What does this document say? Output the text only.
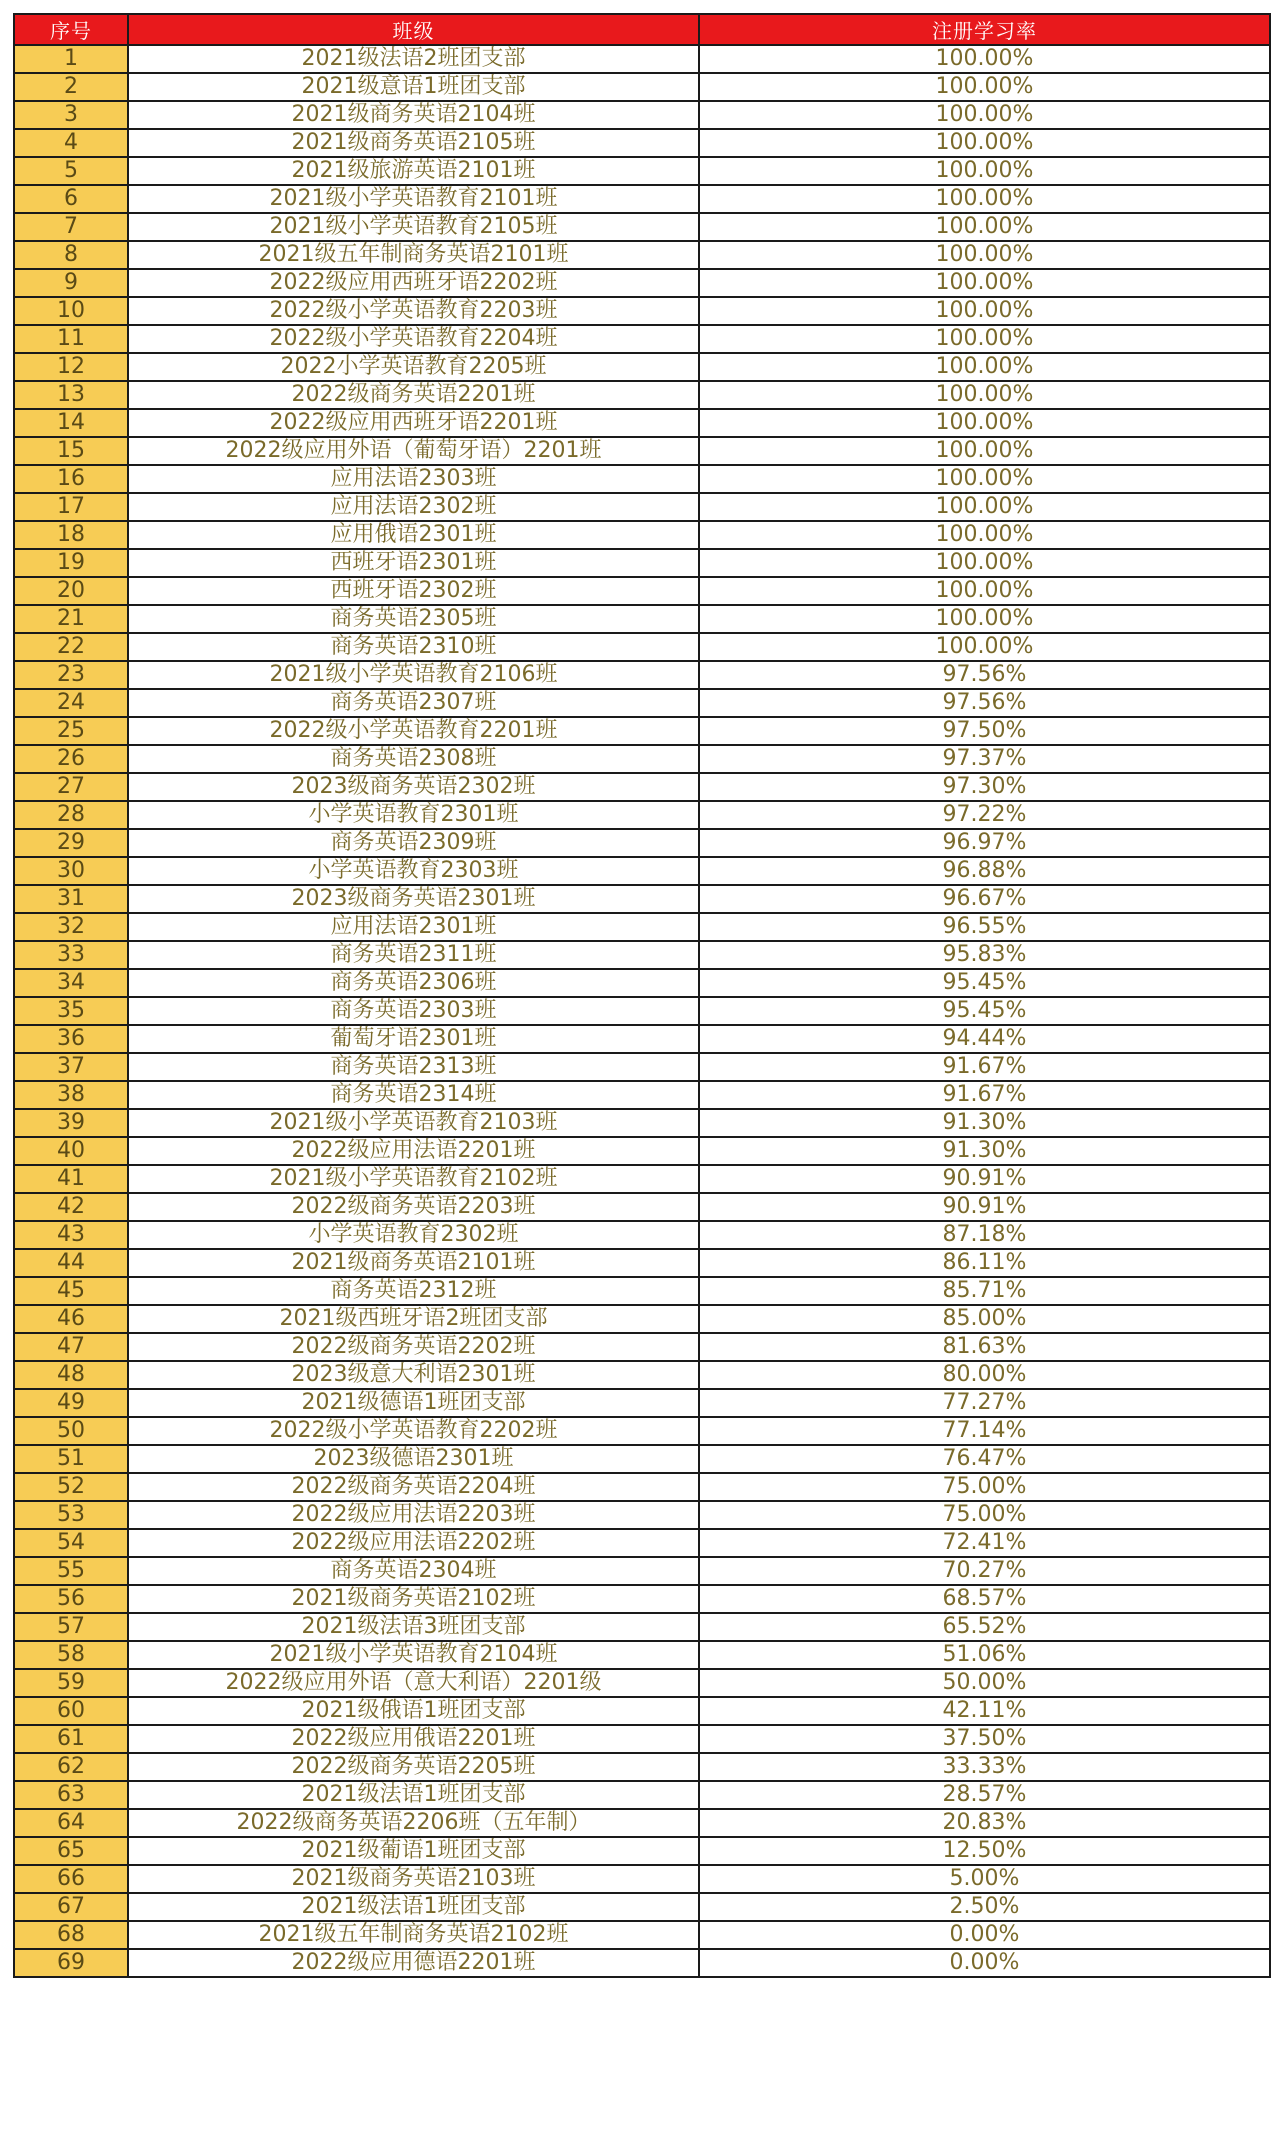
序号	班级	注册学习率
1	2021级法语2班团支部	100.00%
2	2021级意语1班团支部	100.00%
3	2021级商务英语2104班	100.00%
4	2021级商务英语2105班	100.00%
5	2021级旅游英语2101班	100.00%
6	2021级小学英语教育2101班	100.00%
7	2021级小学英语教育2105班	100.00%
8	2021级五年制商务英语2101班	100.00%
9	2022级应用西班牙语2202班	100.00%
10	2022级小学英语教育2203班	100.00%
11	2022级小学英语教育2204班	100.00%
12	2022小学英语教育2205班	100.00%
13	2022级商务英语2201班	100.00%
14	2022级应用西班牙语2201班	100.00%
15	2022级应用外语（葡萄牙语）2201班	100.00%
16	应用法语2303班	100.00%
17	应用法语2302班	100.00%
18	应用俄语2301班	100.00%
19	西班牙语2301班	100.00%
20	西班牙语2302班	100.00%
21	商务英语2305班	100.00%
22	商务英语2310班	100.00%
23	2021级小学英语教育2106班	97.56%
24	商务英语2307班	97.56%
25	2022级小学英语教育2201班	97.50%
26	商务英语2308班	97.37%
27	2023级商务英语2302班	97.30%
28	小学英语教育2301班	97.22%
29	商务英语2309班	96.97%
30	小学英语教育2303班	96.88%
31	2023级商务英语2301班	96.67%
32	应用法语2301班	96.55%
33	商务英语2311班	95.83%
34	商务英语2306班	95.45%
35	商务英语2303班	95.45%
36	葡萄牙语2301班	94.44%
37	商务英语2313班	91.67%
38	商务英语2314班	91.67%
39	2021级小学英语教育2103班	91.30%
40	2022级应用法语2201班	91.30%
41	2021级小学英语教育2102班	90.91%
42	2022级商务英语2203班	90.91%
43	小学英语教育2302班	87.18%
44	2021级商务英语2101班	86.11%
45	商务英语2312班	85.71%
46	2021级西班牙语2班团支部	85.00%
47	2022级商务英语2202班	81.63%
48	2023级意大利语2301班	80.00%
49	2021级德语1班团支部	77.27%
50	2022级小学英语教育2202班	77.14%
51	2023级德语2301班	76.47%
52	2022级商务英语2204班	75.00%
53	2022级应用法语2203班	75.00%
54	2022级应用法语2202班	72.41%
55	商务英语2304班	70.27%
56	2021级商务英语2102班	68.57%
57	2021级法语3班团支部	65.52%
58	2021级小学英语教育2104班	51.06%
59	2022级应用外语（意大利语）2201级	50.00%
60	2021级俄语1班团支部	42.11%
61	2022级应用俄语2201班	37.50%
62	2022级商务英语2205班	33.33%
63	2021级法语1班团支部	28.57%
64	2022级商务英语2206班（五年制）	20.83%
65	2021级葡语1班团支部	12.50%
66	2021级商务英语2103班	5.00%
67	2021级法语1班团支部	2.50%
68	2021级五年制商务英语2102班	0.00%
69	2022级应用德语2201班	0.00%
